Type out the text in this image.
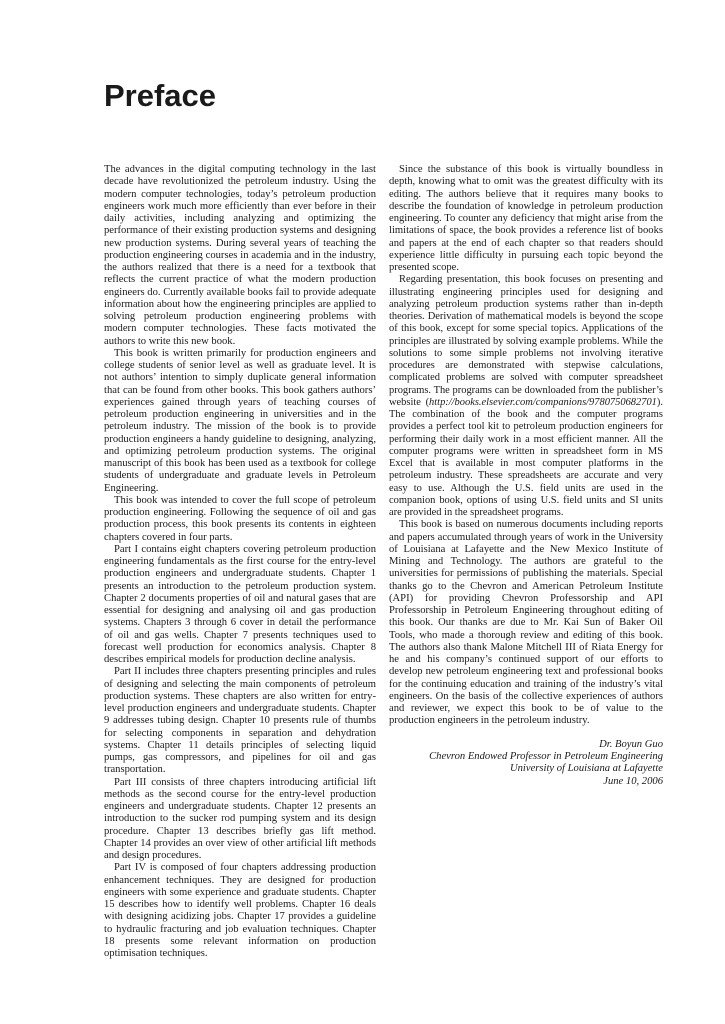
Preface

The advances in the digital computing technology in the last decade have revolutionized the petroleum industry. Using the modern computer technologies, today’s petroleum production engineers work much more efficiently than ever before in their daily activities, including analyzing and optimizing the performance of their existing production systems and designing new production systems. During several years of teaching the production engineering courses in academia and in the industry, the authors realized that there is a need for a textbook that reflects the current practice of what the modern production engineers do. Currently available books fail to provide adequate information about how the engineering principles are applied to solving petroleum production engineering problems with modern computer technologies. These facts motivated the authors to write this new book.

This book is written primarily for production engineers and college students of senior level as well as graduate level. It is not authors’ intention to simply duplicate general information that can be found from other books. This book gathers authors’ experiences gained through years of teaching courses of petroleum production engineering in universities and in the petroleum industry. The mission of the book is to provide production engineers a handy guideline to designing, analyzing, and optimizing petroleum production systems. The original manuscript of this book has been used as a textbook for college students of undergraduate and graduate levels in Petroleum Engineering.

This book was intended to cover the full scope of petroleum production engineering. Following the sequence of oil and gas production process, this book presents its contents in eighteen chapters covered in four parts.

Part I contains eight chapters covering petroleum production engineering fundamentals as the first course for the entry-level production engineers and undergraduate students. Chapter 1 presents an introduction to the petroleum production system. Chapter 2 documents properties of oil and natural gases that are essential for designing and analysing oil and gas production systems. Chapters 3 through 6 cover in detail the performance of oil and gas wells. Chapter 7 presents techniques used to forecast well production for economics analysis. Chapter 8 describes empirical models for production decline analysis.

Part II includes three chapters presenting principles and rules of designing and selecting the main components of petroleum production systems. These chapters are also written for entry-level production engineers and undergraduate students. Chapter 9 addresses tubing design. Chapter 10 presents rule of thumbs for selecting components in separation and dehydration systems. Chapter 11 details principles of selecting liquid pumps, gas compressors, and pipelines for oil and gas transportation.

Part III consists of three chapters introducing artificial lift methods as the second course for the entry-level production engineers and undergraduate students. Chapter 12 presents an introduction to the sucker rod pumping system and its design procedure. Chapter 13 describes briefly gas lift method. Chapter 14 provides an over view of other artificial lift methods and design procedures.

Part IV is composed of four chapters addressing production enhancement techniques. They are designed for production engineers with some experience and graduate students. Chapter 15 describes how to identify well problems. Chapter 16 deals with designing acidizing jobs. Chapter 17 provides a guideline to hydraulic fracturing and job evaluation techniques. Chapter 18 presents some relevant information on production optimisation techniques.

Since the substance of this book is virtually boundless in depth, knowing what to omit was the greatest difficulty with its editing. The authors believe that it requires many books to describe the foundation of knowledge in petroleum production engineering. To counter any deficiency that might arise from the limitations of space, the book provides a reference list of books and papers at the end of each chapter so that readers should experience little difficulty in pursuing each topic beyond the presented scope.

Regarding presentation, this book focuses on presenting and illustrating engineering principles used for designing and analyzing petroleum production systems rather than in-depth theories. Derivation of mathematical models is beyond the scope of this book, except for some special topics. Applications of the principles are illustrated by solving example problems. While the solutions to some simple problems not involving iterative procedures are demonstrated with stepwise calculations, complicated problems are solved with computer spreadsheet programs. The programs can be downloaded from the publisher’s website (http://books.elsevier.com/companions/9780750682701). The combination of the book and the computer programs provides a perfect tool kit to petroleum production engineers for performing their daily work in a most efficient manner. All the computer programs were written in spreadsheet form in MS Excel that is available in most computer platforms in the petroleum industry. These spreadsheets are accurate and very easy to use. Although the U.S. field units are used in the companion book, options of using U.S. field units and SI units are provided in the spreadsheet programs.

This book is based on numerous documents including reports and papers accumulated through years of work in the University of Louisiana at Lafayette and the New Mexico Institute of Mining and Technology. The authors are grateful to the universities for permissions of publishing the materials. Special thanks go to the Chevron and American Petroleum Institute (API) for providing Chevron Professorship and API Professorship in Petroleum Engineering throughout editing of this book. Our thanks are due to Mr. Kai Sun of Baker Oil Tools, who made a thorough review and editing of this book. The authors also thank Malone Mitchell III of Riata Energy for he and his company’s continued support of our efforts to develop new petroleum engineering text and professional books for the continuing education and training of the industry’s vital engineers. On the basis of the collective experiences of authors and reviewer, we expect this book to be of value to the production engineers in the petroleum industry.

Dr. Boyun Guo
Chevron Endowed Professor in Petroleum Engineering
University of Louisiana at Lafayette
June 10, 2006
